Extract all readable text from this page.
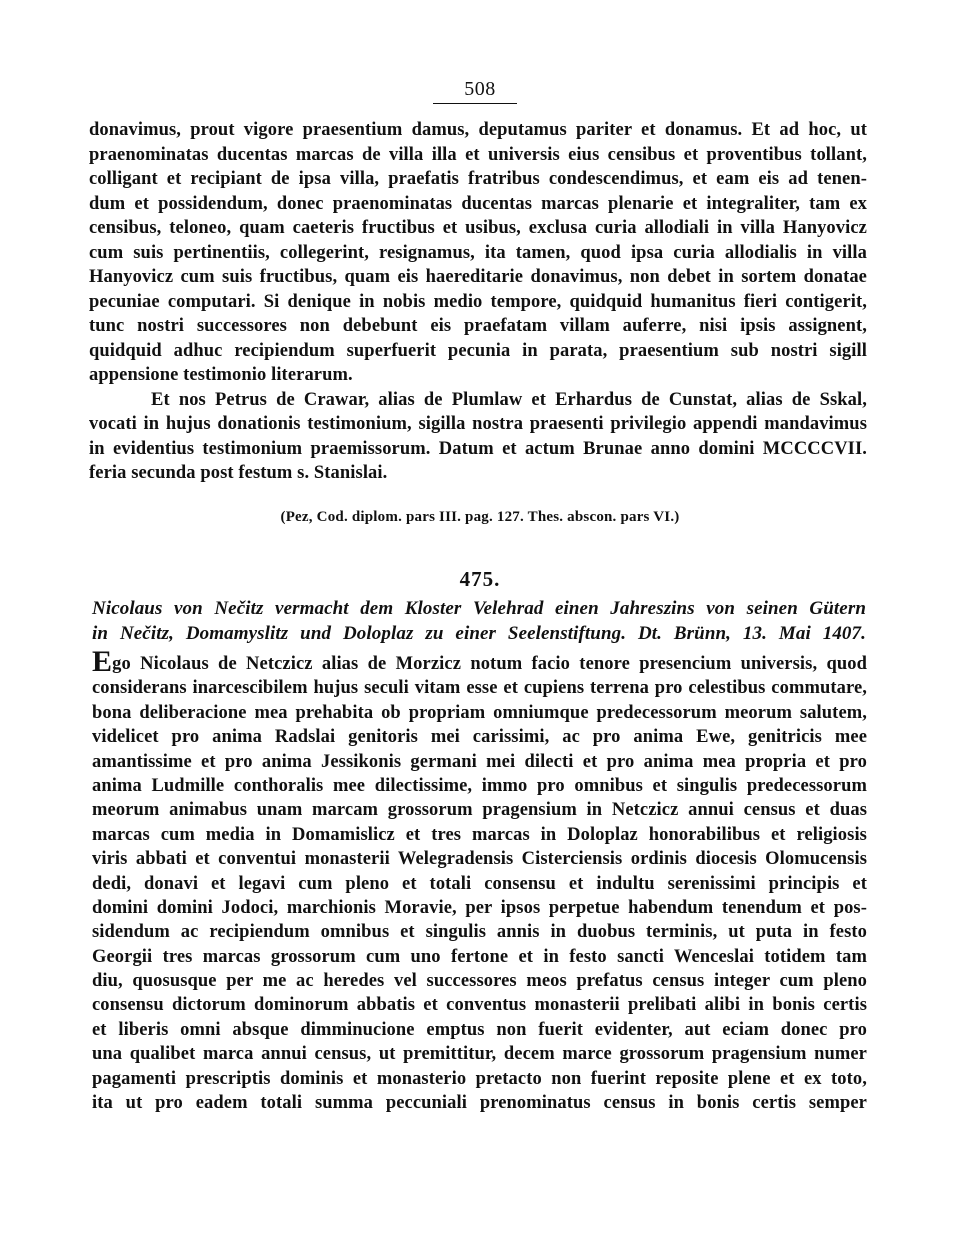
508
donavimus, prout vigore praesentium damus, deputamus pariter et donamus. Et ad hoc, ut
praenominatas ducentas marcas de villa illa et universis eius censibus et proventibus tollant,
colligant et recipiant de ipsa villa, praefatis fratribus condescendimus, et eam eis ad tenen-
dum et possidendum, donec praenominatas ducentas marcas plenarie et integraliter, tam ex
censibus, teloneo, quam caeteris fructibus et usibus, exclusa curia allodiali in villa Hanyovicz
cum suis pertinentiis, collegerint, resignamus, ita tamen, quod ipsa curia allodialis in villa
Hanyovicz cum suis fructibus, quam eis haereditarie donavimus, non debet in sortem donatae
pecuniae computari. Si denique in nobis medio tempore, quidquid humanitus fieri contigerit,
tunc nostri successores non debebunt eis praefatam villam auferre, nisi ipsis assignent,
quidquid adhuc recipiendum superfuerit pecunia in parata, praesentium sub nostri sigill
appensione testimonio literarum.
Et nos Petrus de Crawar, alias de Plumlaw et Erhardus de Cunstat, alias de Sskal,
vocati in hujus donationis testimonium, sigilla nostra praesenti privilegio appendi mandavimus
in evidentius testimonium praemissorum. Datum et actum Brunae anno domini MCCCCVII.
feria secunda post festum s. Stanislai.
(Pez, Cod. diplom. pars III. pag. 127. Thes. abscon. pars VI.)
475.
Nicolaus von Nečitz vermacht dem Kloster Velehrad einen Jahreszins von seinen Gütern
in Nečitz, Domamyslitz und Doloplaz zu einer Seelenstiftung. Dt. Brünn, 13. Mai 1407.
Ego Nicolaus de Netczicz alias de Morzicz notum facio tenore presencium universis, quod
considerans inarcescibilem hujus seculi vitam esse et cupiens terrena pro celestibus commutare,
bona deliberacione mea prehabita ob propriam omniumque predecessorum meorum salutem,
videlicet pro anima Radslai genitoris mei carissimi, ac pro anima Ewe, genitricis mee
amantissime et pro anima Jessikonis germani mei dilecti et pro anima mea propria et pro
anima Ludmille conthoralis mee dilectissime, immo pro omnibus et singulis predecessorum
meorum animabus unam marcam grossorum pragensium in Netczicz annui census et duas
marcas cum media in Domamislicz et tres marcas in Doloplaz honorabilibus et religiosis
viris abbati et conventui monasterii Welegradensis Cisterciensis ordinis diocesis Olomucensis
dedi, donavi et legavi cum pleno et totali consensu et indultu serenissimi principis et
domini domini Jodoci, marchionis Moravie, per ipsos perpetue habendum tenendum et pos-
sidendum ac recipiendum omnibus et singulis annis in duobus terminis, ut puta in festo
Georgii tres marcas grossorum cum uno fertone et in festo sancti Wenceslai totidem tam
diu, quosusque per me ac heredes vel successores meos prefatus census integer cum pleno
consensu dictorum dominorum abbatis et conventus monasterii prelibati alibi in bonis certis
et liberis omni absque dimminucione emptus non fuerit evidenter, aut eciam donec pro
una qualibet marca annui census, ut premittitur, decem marce grossorum pragensium numer
pagamenti prescriptis dominis et monasterio pretacto non fuerint reposite plene et ex toto,
ita ut pro eadem totali summa peccuniali prenominatus census in bonis certis semper
